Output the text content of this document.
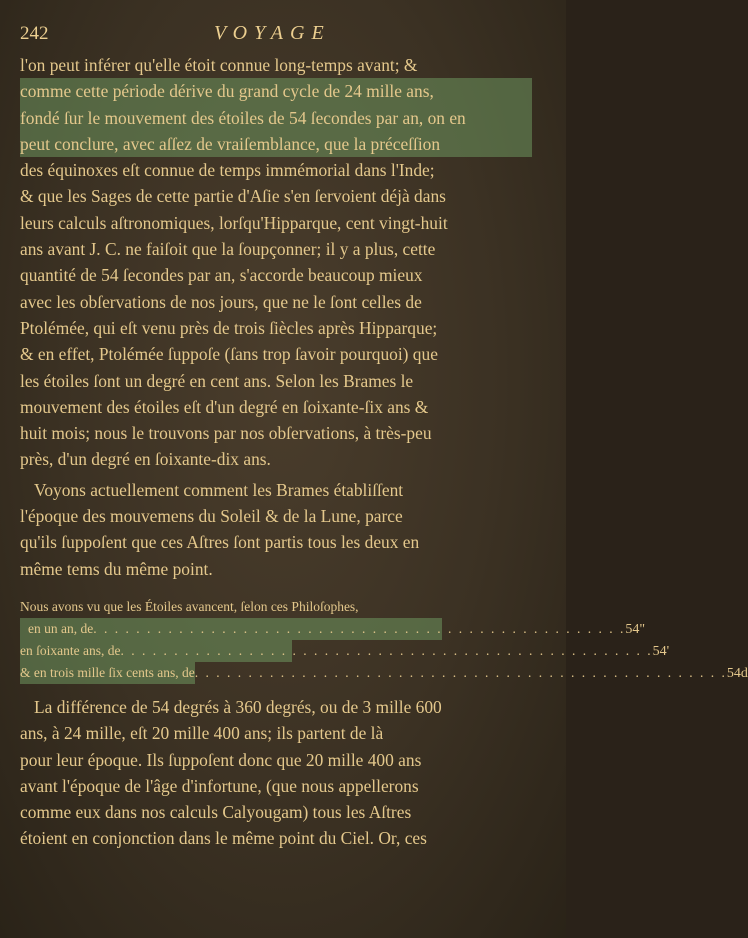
242	VOYAGE
l'on peut inférer qu'elle étoit connue long-temps avant; &
comme cette période dérive du grand cycle de 24 mille ans,
fondé ſur le mouvement des étoiles de 54 ſecondes par an, on en
peut conclure, avec aſſez de vraiſemblance, que la préceſſion
des équinoxes eſt connue de temps immémorial dans l'Inde;
& que les Sages de cette partie d'Aſie s'en ſervoient déjà dans
leurs calculs aſtronomiques, lorſqu'Hipparque, cent vingt-huit
ans avant J. C. ne faiſoit que la ſoupçonner; il y a plus, cette
quantité de 54 ſecondes par an, s'accorde beaucoup mieux
avec les obſervations de nos jours, que ne le ſont celles de
Ptolémée, qui eſt venu près de trois ſiècles après Hipparque;
& en effet, Ptolémée ſuppoſe (ſans trop ſavoir pourquoi) que
les étoiles ſont un degré en cent ans. Selon les Brames le
mouvement des étoiles eſt d'un degré en ſoixante-ſix ans &
huit mois; nous le trouvons par nos obſervations, à très-peu
près, d'un degré en ſoixante-dix ans.
Voyons actuellement comment les Brames établiſſent
l'époque des mouvemens du Soleil & de la Lune, parce
qu'ils ſuppoſent que ces Aſtres ſont partis tous les deux en
même tems du même point.
Nous avons vu que les Étoiles avancent, ſelon ces Philoſophes,
en un an, de . . . . . . . . . . . . . . . . . . . . . . . . . . . . . . . . . . . . . . . . . . . . . . . . . . 54"
en ſoixante ans, de . . . . . . . . . . . . . . . . . . . . . . . . . . . . . . . . . . . . . . . . . . . . . . . . . . 54'
& en trois mille ſix cents ans, de . . . . . . . . . . . . . . . . . . . . . . . . . . . . . . . . . . . . . . . . . . . . . . . . . . 54d
La différence de 54 degrés à 360 degrés, ou de 3 mille 600
ans, à 24 mille, eſt 20 mille 400 ans; ils partent de là
pour leur époque. Ils ſuppoſent donc que 20 mille 400 ans
avant l'époque de l'âge d'infortune, (que nous appellerons
comme eux dans nos calculs Calyougam) tous les Aſtres
étoient en conjonction dans le même point du Ciel. Or, ces
